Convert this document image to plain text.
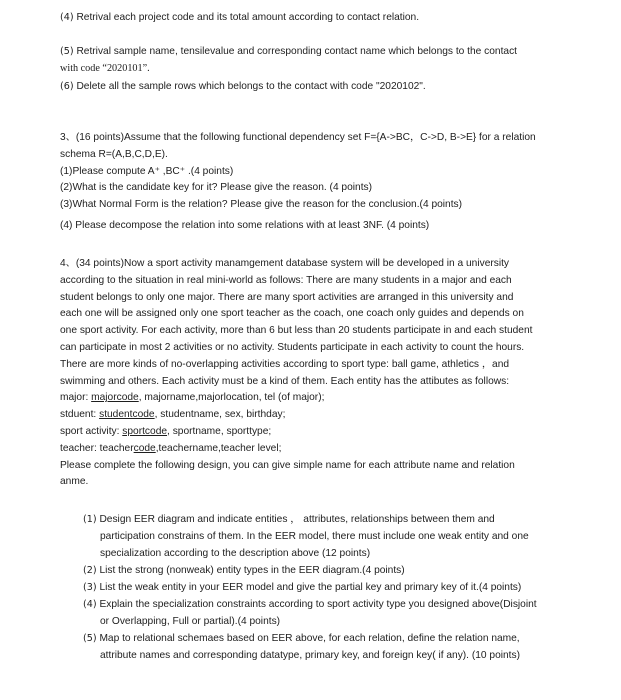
(4) Retrival each project code and its total amount according to contact relation.
(5) Retrival sample name, tensilevalue and corresponding contact name which belongs to the contact
with code “2020101”.
(6) Delete all the sample rows which belongs to the contact with code "2020102".
3、(16 points)Assume that the following functional dependency set F={A->BC，C->D, B->E} for a relation
schema R=(A,B,C,D,E).
(1)Please compute A⁺ ,BC⁺ .(4 points)
(2)What is the candidate key for it? Please give the reason. (4 points)
(3)What Normal Form is the relation? Please give the reason for the conclusion.(4 points)
(4) Please decompose the relation into some relations with at least 3NF. (4 points)
4、(34 points)Now a sport activity manamgement database system will be developed in a university
according to the situation in real mini-world as follows: There are many students in a major and each
student belongs to only one major. There are many sport activities are arranged in this university and
each one will be assigned only one sport teacher as the coach, one coach only guides and depends on
one sport activity. For each activity, more than 6 but less than 20 students participate in and each student
can participate in most 2 activities or no activity. Students participate in each activity to count the hours.
There are more kinds of no-overlapping activities according to sport type: ball game, athletics ，and
swimming and others. Each activity must be a kind of them. Each entity has the attibutes as follows:
major: majorcode, majorname,majorlocation, tel (of major);
stduent: studentcode, studentname, sex, birthday;
sport activity: sportcode, sportname, sporttype;
teacher: teachercode,teachername,teacher level;
Please complete the following design, you can give simple name for each attribute name and relation
anme.
(1) Design EER diagram and indicate entities ， attributes, relationships between them and
participation constrains of them. In the EER model, there must include one weak entity and one
specialization according to the description above (12 points)
(2) List the strong (nonweak) entity types in the EER diagram.(4 points)
(3) List the weak entity in your EER model and give the partial key and primary key of it.(4 points)
(4) Explain the specialization constraints according to sport activity type you designed above(Disjoint
or Overlapping, Full or partial).(4 points)
(5) Map to relational schemaes based on EER above, for each relation, define the relation name,
attribute names and corresponding datatype, primary key, and foreign key( if any). (10 points)
